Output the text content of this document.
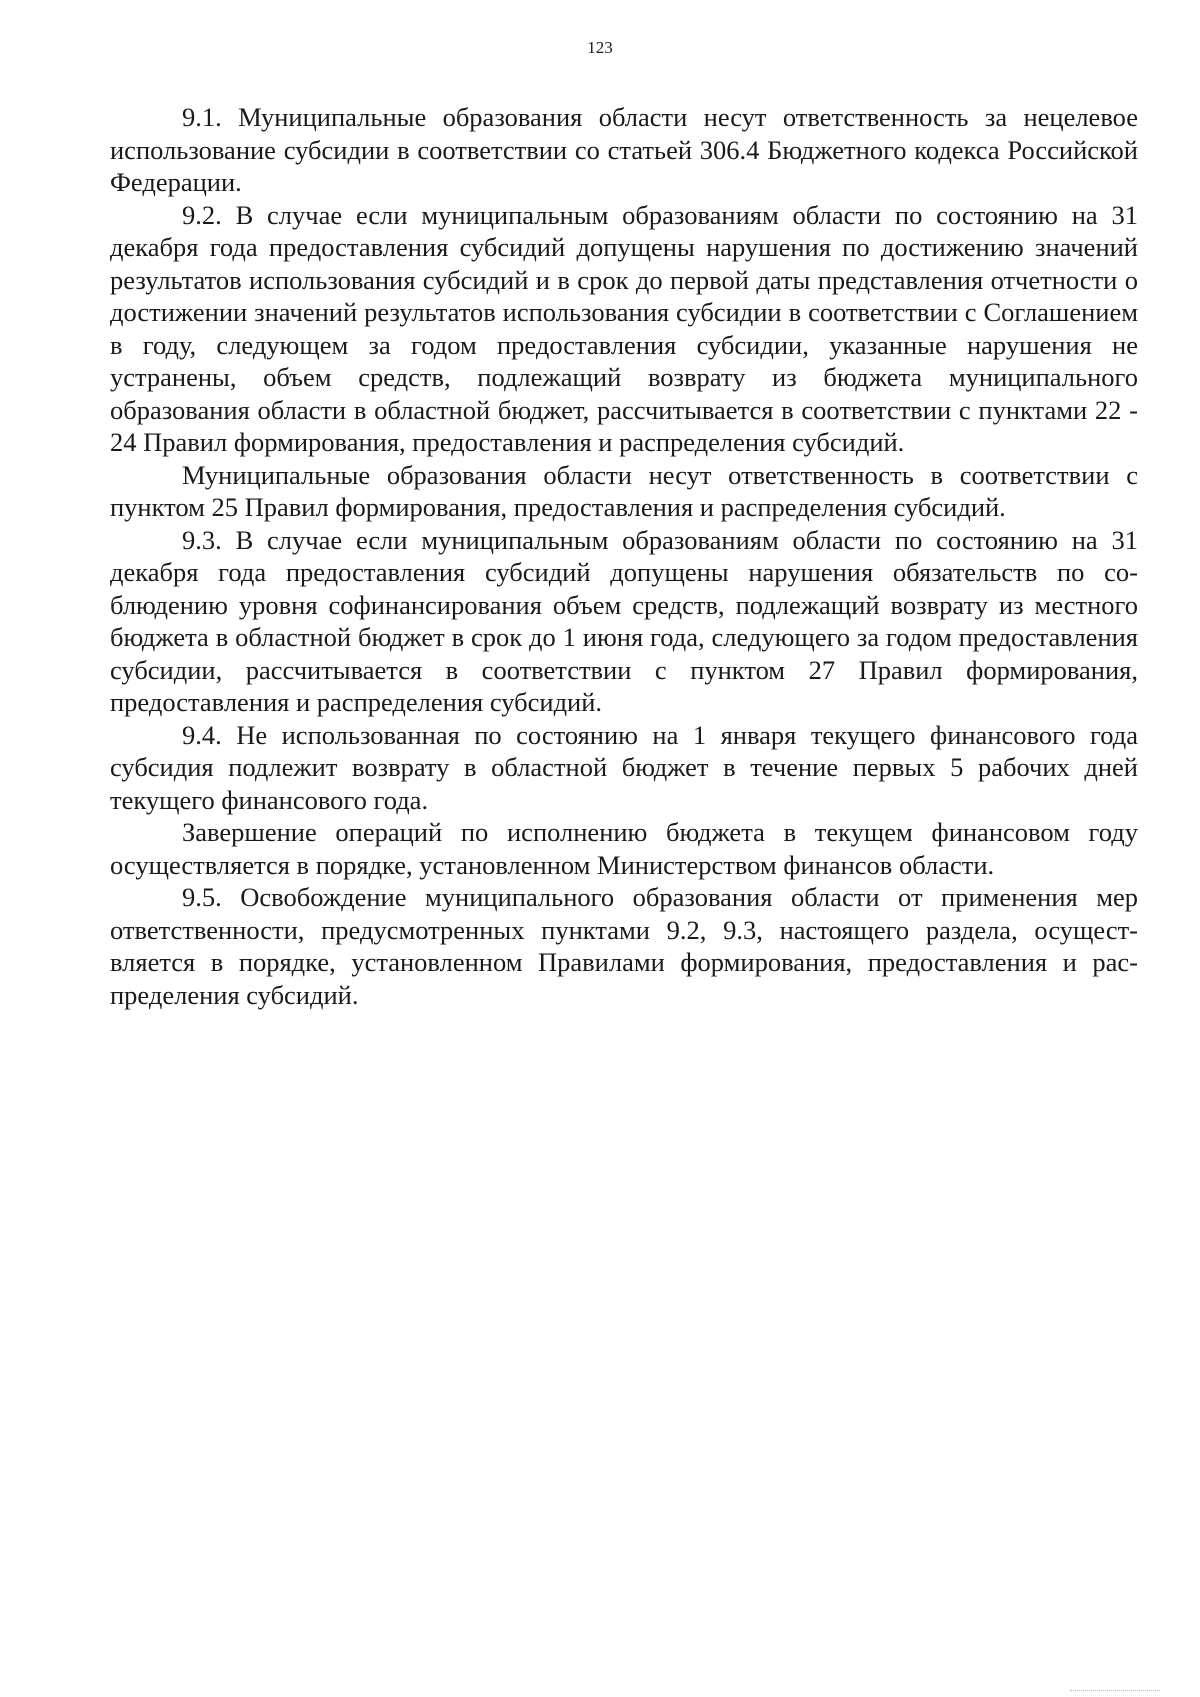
123

9.1. Муниципальные образования области несут ответственность за нецелевое использование субсидии в соответствии со статьей 306.4 Бюджетного кодекса Российской Федерации.

9.2. В случае если муниципальным образованиям области по состоянию на 31 декабря года предоставления субсидий допущены нарушения по достижению значений результатов использования субсидий и в срок до первой даты представления отчетности о достижении значений результатов использования субсидии в соответствии с Соглашением в году, следующем за годом предоставления субсидии, указанные нарушения не устранены, объем средств, подлежащий возврату из бюджета муниципального образования области в областной бюджет, рассчитывается в соответствии с пунктами 22 - 24 Правил формирования, предоставления и распределения субсидий.

Муниципальные образования области несут ответственность в соответствии с пунктом 25 Правил формирования, предоставления и распределения субсидий.

9.3. В случае если муниципальным образованиям области по состоянию на 31 декабря года предоставления субсидий допущены нарушения обязательств по соблюдению уровня софинансирования объем средств, подлежащий возврату из местного бюджета в областной бюджет в срок до 1 июня года, следующего за годом предоставления субсидии, рассчитывается в соответствии с пунктом 27 Правил формирования, предоставления и распределения субсидий.

9.4. Не использованная по состоянию на 1 января текущего финансового года субсидия подлежит возврату в областной бюджет в течение первых 5 рабочих дней текущего финансового года.

Завершение операций по исполнению бюджета в текущем финансовом году осуществляется в порядке, установленном Министерством финансов области.

9.5. Освобождение муниципального образования области от применения мер ответственности, предусмотренных пунктами 9.2, 9.3, настоящего раздела, осуществляется в порядке, установленном Правилами формирования, предоставления и распределения субсидий.
